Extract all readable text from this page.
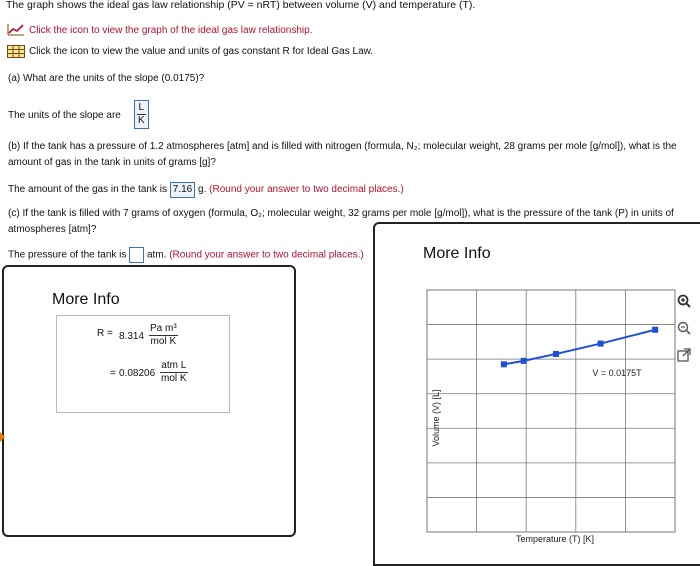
The graph shows the ideal gas law relationship (PV = nRT) between volume (V) and temperature (T).
Click the icon to view the graph of the ideal gas law relationship.
Click the icon to view the value and units of gas constant R for Ideal Gas Law.
(a) What are the units of the slope (0.0175)?
The units of the slope are $\frac{L}{K}$
(b) If the tank has a pressure of 1.2 atmospheres [atm] and is filled with nitrogen (formula, N₂; molecular weight, 28 grams per mole [g/mol]), what is the
amount of gas in the tank in units of grams [g]?
The amount of the gas in the tank is 7.16 g. (Round your answer to two decimal places.)
(c) If the tank is filled with 7 grams of oxygen (formula, O₂; molecular weight, 32 grams per mole [g/mol]), what is the pressure of the tank (P) in units of
atmospheres [atm]?
The pressure of the tank is atm. (Round your answer to two decimal places.)
More Info
$R = 8.314 \frac{\text{Pa m³}}{\text{mol K}}$
= $0.08206 \frac{\text{atm L}}{\text{mol K}}$
More Info
Temperature (T) [K]
Volume (V) [L]
V = 0.0175T
